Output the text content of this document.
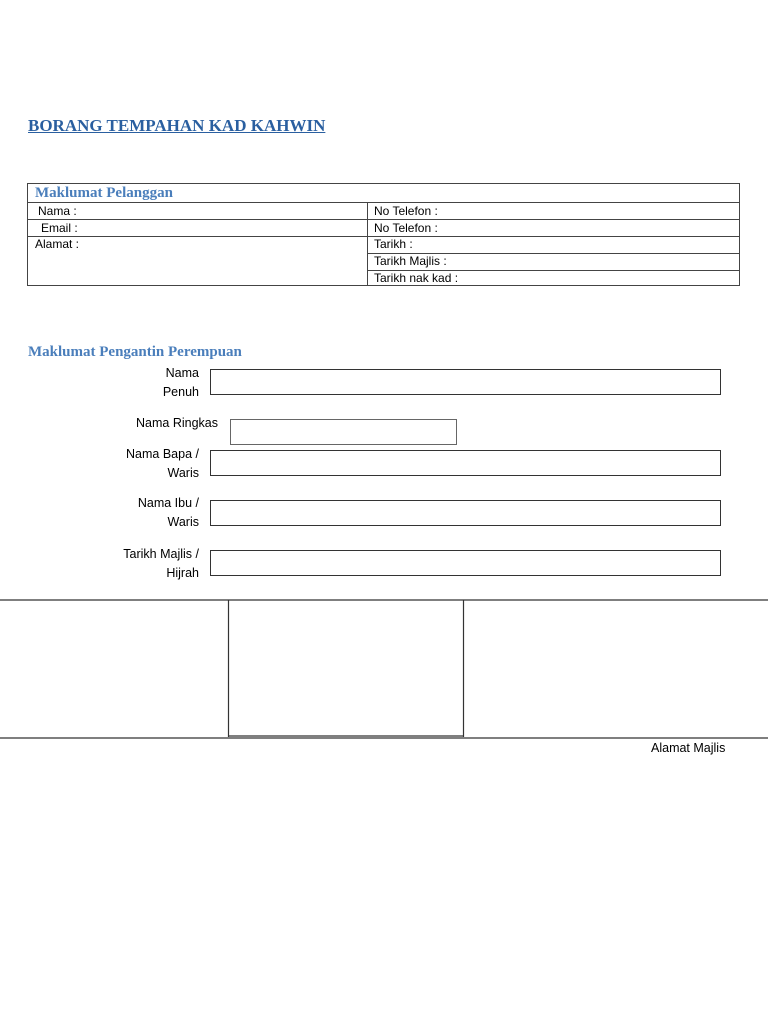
BORANG TEMPAHAN KAD KAHWIN
Maklumat Pelanggan
Nama :
Email :
Alamat :
No Telefon :
No Telefon :
Tarikh :
Tarikh Majlis :
Tarikh nak kad :
Maklumat Pengantin Perempuan
Nama
Penuh
Nama Ringkas
Nama Bapa /
Waris
Nama Ibu /
Waris
Tarikh Majlis /
Hijrah
Alamat Majlis
